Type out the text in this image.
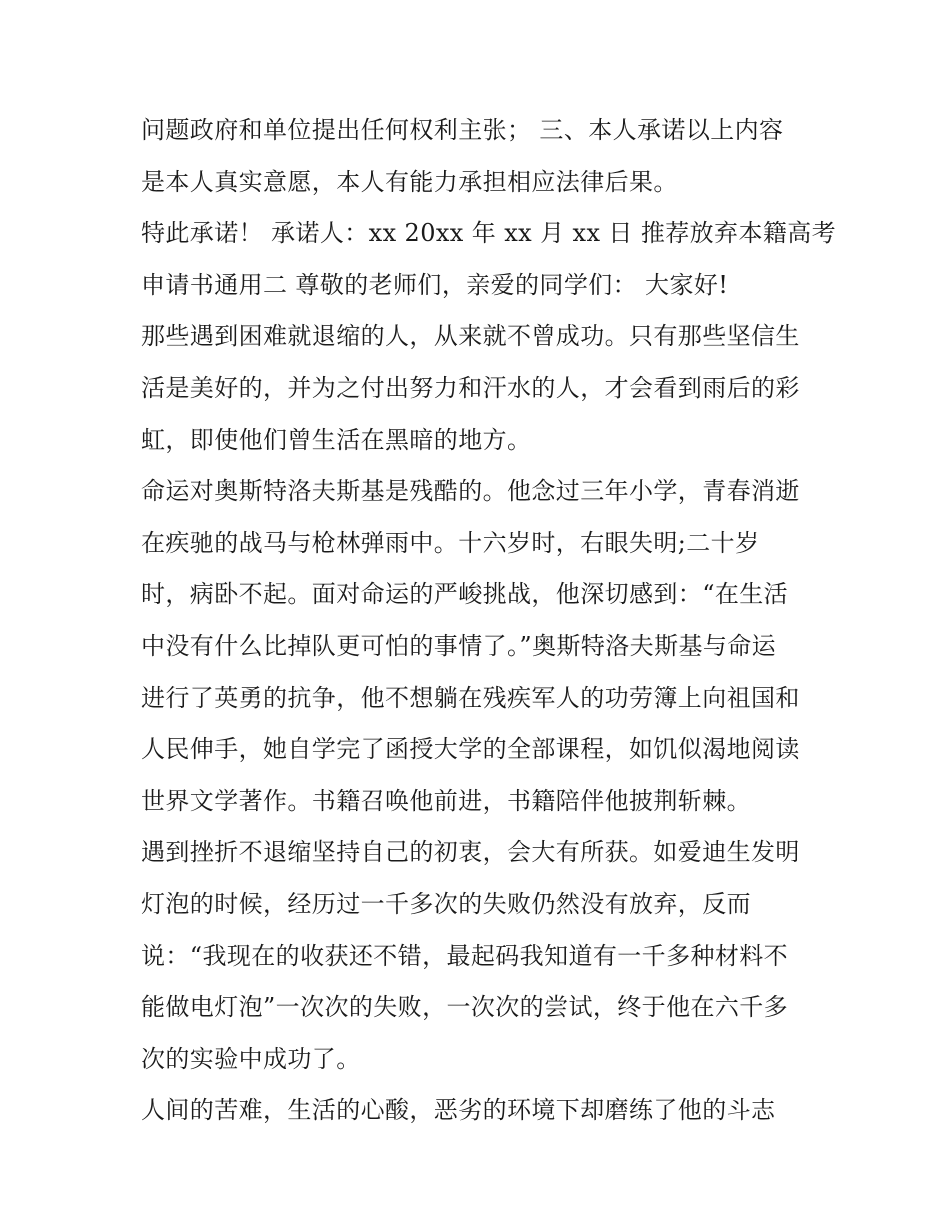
问题政府和单位提出任何权利主张； 三、本人承诺以上内容
是本人真实意愿，本人有能力承担相应法律后果。
特此承诺！ 承诺人：xx 20xx 年 xx 月 xx 日 推荐放弃本籍高考
申请书通用二 尊敬的老师们，亲爱的同学们： 大家好!
那些遇到困难就退缩的人，从来就不曾成功。只有那些坚信生
活是美好的，并为之付出努力和汗水的人，才会看到雨后的彩
虹，即使他们曾生活在黑暗的地方。
命运对奥斯特洛夫斯基是残酷的。他念过三年小学，青春消逝
在疾驰的战马与枪林弹雨中。十六岁时，右眼失明;二十岁
时，病卧不起。面对命运的严峻挑战，他深切感到：“在生活
中没有什么比掉队更可怕的事情了。”奥斯特洛夫斯基与命运
进行了英勇的抗争，他不想躺在残疾军人的功劳簿上向祖国和
人民伸手，她自学完了函授大学的全部课程，如饥似渴地阅读
世界文学著作。书籍召唤他前进，书籍陪伴他披荆斩棘。
遇到挫折不退缩坚持自己的初衷，会大有所获。如爱迪生发明
灯泡的时候，经历过一千多次的失败仍然没有放弃，反而
说：“我现在的收获还不错，最起码我知道有一千多种材料不
能做电灯泡”一次次的失败，一次次的尝试，终于他在六千多
次的实验中成功了。
人间的苦难，生活的心酸，恶劣的环境下却磨练了他的斗志
